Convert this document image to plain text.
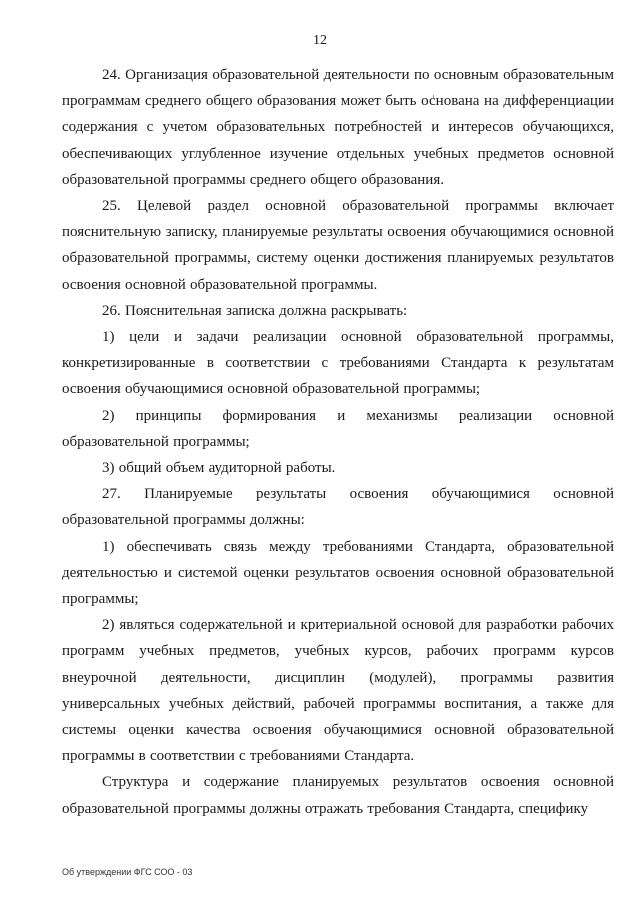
12

24. Организация образовательной деятельности по основным образовательным программам среднего общего образования может быть основана на дифференциации содержания с учетом образовательных потребностей и интересов обучающихся, обеспечивающих углубленное изучение отдельных учебных предметов основной образовательной программы среднего общего образования.

25. Целевой раздел основной образовательной программы включает пояснительную записку, планируемые результаты освоения обучающимися основной образовательной программы, систему оценки достижения планируемых результатов освоения основной образовательной программы.

26. Пояснительная записка должна раскрывать:

1) цели и задачи реализации основной образовательной программы, конкретизированные в соответствии с требованиями Стандарта к результатам освоения обучающимися основной образовательной программы;

2) принципы формирования и механизмы реализации основной образовательной программы;

3) общий объем аудиторной работы.

27. Планируемые результаты освоения обучающимися основной образовательной программы должны:

1) обеспечивать связь между требованиями Стандарта, образовательной деятельностью и системой оценки результатов освоения основной образовательной программы;

2) являться содержательной и критериальной основой для разработки рабочих программ учебных предметов, учебных курсов, рабочих программ курсов внеурочной деятельности, дисциплин (модулей), программы развития универсальных учебных действий, рабочей программы воспитания, а также для системы оценки качества освоения обучающимися основной образовательной программы в соответствии с требованиями Стандарта.

Структура и содержание планируемых результатов освоения основной образовательной программы должны отражать требования Стандарта, специфику

Об утверждении ФГС СОО - 03
